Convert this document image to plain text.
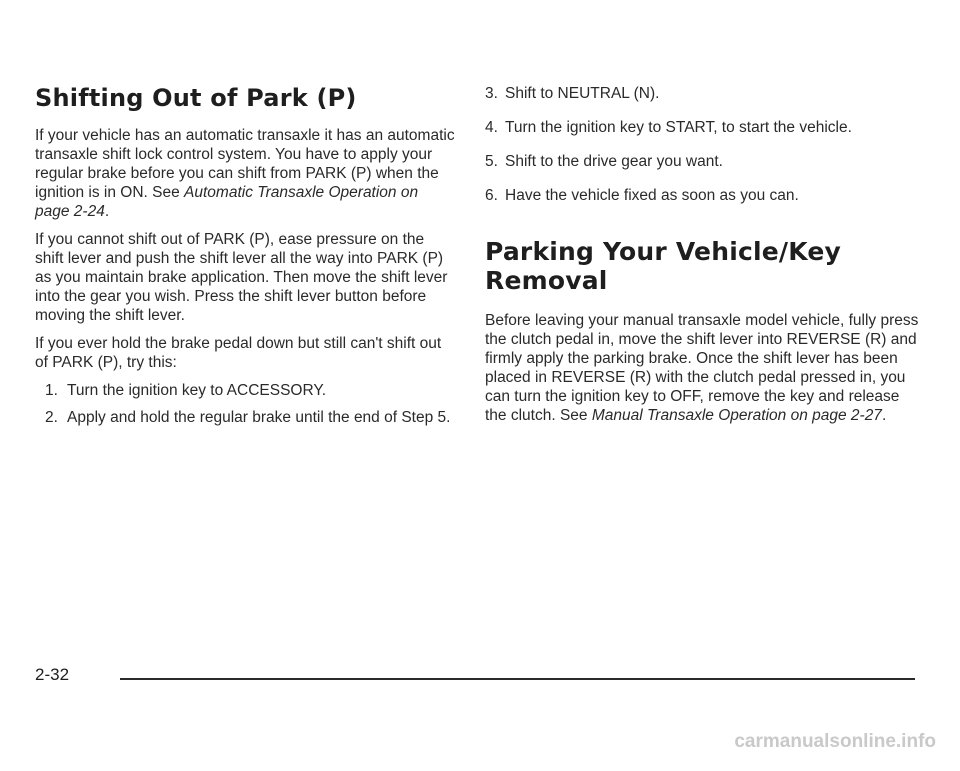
Shifting Out of Park (P)

If your vehicle has an automatic transaxle it has an automatic transaxle shift lock control system. You have to apply your regular brake before you can shift from PARK (P) when the ignition is in ON. See Automatic Transaxle Operation on page 2-24.

If you cannot shift out of PARK (P), ease pressure on the shift lever and push the shift lever all the way into PARK (P) as you maintain brake application. Then move the shift lever into the gear you wish. Press the shift lever button before moving the shift lever.

If you ever hold the brake pedal down but still can't shift out of PARK (P), try this:

1. Turn the ignition key to ACCESSORY.
2. Apply and hold the regular brake until the end of Step 5.
3. Shift to NEUTRAL (N).
4. Turn the ignition key to START, to start the vehicle.
5. Shift to the drive gear you want.
6. Have the vehicle fixed as soon as you can.
Parking Your Vehicle/Key Removal

Before leaving your manual transaxle model vehicle, fully press the clutch pedal in, move the shift lever into REVERSE (R) and firmly apply the parking brake. Once the shift lever has been placed in REVERSE (R) with the clutch pedal pressed in, you can turn the ignition key to OFF, remove the key and release the clutch. See Manual Transaxle Operation on page 2-27.

2-32
carmanualsonline.info
